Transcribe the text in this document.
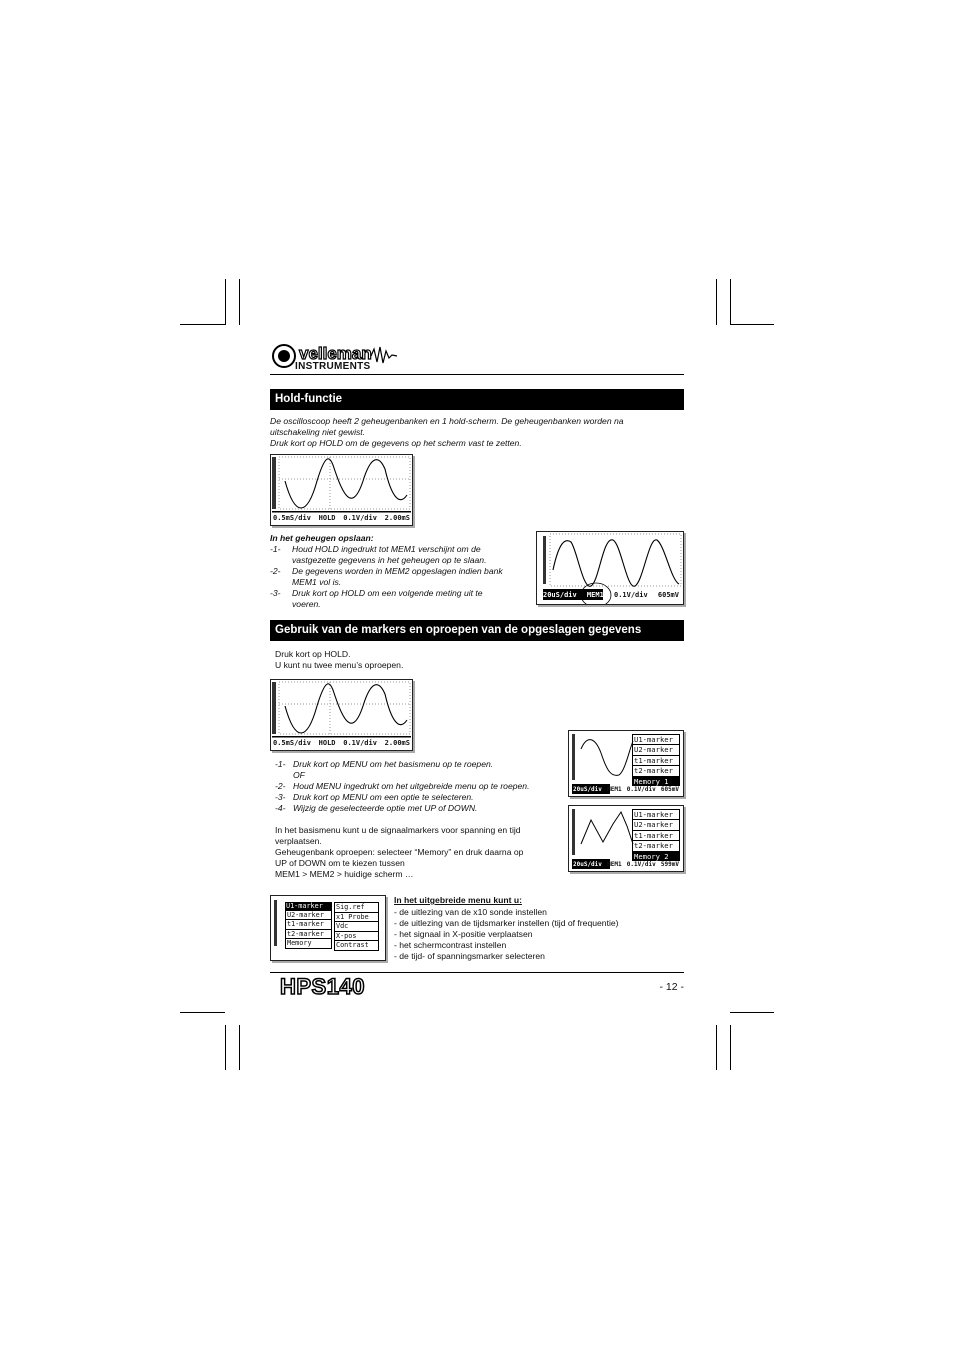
velleman
INSTRUMENTS
Hold-functie
De oscilloscoop heeft 2 geheugenbanken en 1 hold-scherm. De geheugenbanken worden na
uitschakeling niet gewist.
Druk kort op HOLD om de gegevens op het scherm vast te zetten.
0.5mS/div HOLD 0.1V/div 2.00mS
In het geheugen opslaan:
-1-	Houd HOLD ingedrukt tot MEM1 verschijnt om de
vastgezette gegevens in het geheugen op te slaan.
-2-	De gegevens worden in MEM2 opgeslagen indien bank
MEM1 vol is.
-3-	Druk kort op HOLD om een volgende meting uit te
voeren.
20uS/div MEM1 0.1V/div 605mV
Gebruik van de markers en oproepen van de opgeslagen gegevens
Druk kort op HOLD.
U kunt nu twee menu’s oproepen.
0.5mS/div HOLD 0.1V/div 2.00mS
-1- Druk kort op MENU om het basismenu op te roepen.
OF
-2- Houd MENU ingedrukt om het uitgebreide menu op te roepen.
-3- Druk kort op MENU om een optie te selecteren.
-4- Wijzig de geselecteerde optie met UP of DOWN.
In het basismenu kunt u de signaalmarkers voor spanning en tijd
verplaatsen.
Geheugenbank oproepen: selecteer “Memory” en druk daarna op
UP of DOWN om te kiezen tussen
MEM1 > MEM2 > huidige scherm …
U1-marker
U2-marker
t1-marker
t2-marker
Memory 1
20uS/div MEM1 0.1V/div 605mV
U1-marker
U2-marker
t1-marker
t2-marker
Memory 2
20uS/div MEM1 0.1V/div 599mV
U1-marker
U2-marker
t1-marker
t2-marker
Memory
Sig.ref
x1 Probe
Vdc
X-pos
Contrast
In het uitgebreide menu kunt u:
- de uitlezing van de x10 sonde instellen
- de uitlezing van de tijdsmarker instellen (tijd of frequentie)
- het signaal in X-positie verplaatsen
- het schermcontrast instellen
- de tijd- of spanningsmarker selecteren
HPS140	- 12 -
